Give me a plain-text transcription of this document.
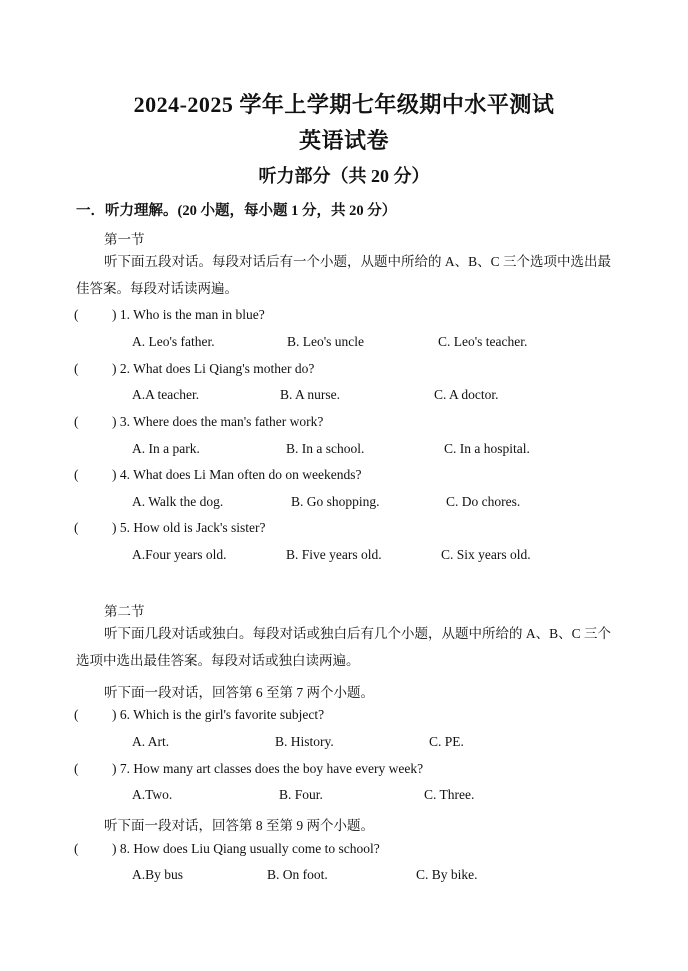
2024-2025 学年上学期七年级期中水平测试
英语试卷
听力部分（共 20 分）
一．听力理解。(20 小题，每小题 1 分，共 20 分）
第一节
听下面五段对话。每段对话后有一个小题，从题中所给的 A、B、C 三个选项中选出最佳答案。每段对话读两遍。
( ) 1. Who is the man in blue?
A. Leo's father.	B. Leo's uncle	C. Leo's teacher.
( ) 2. What does Li Qiang's mother do?
A.A teacher.	B. A nurse.	C. A doctor.
( ) 3. Where does the man's father work?
A. In a park.	B. In a school.	C. In a hospital.
( ) 4. What does Li Man often do on weekends?
A. Walk the dog.	B. Go shopping.	C. Do chores.
( ) 5. How old is Jack's sister?
A.Four years old.	B. Five years old.	C. Six years old.
第二节
听下面几段对话或独白。每段对话或独白后有几个小题，从题中所给的 A、B、C 三个选项中选出最佳答案。每段对话或独白读两遍。
听下面一段对话，回答第 6 至第 7 两个小题。
( ) 6. Which is the girl's favorite subject?
A. Art.	B. History.	C. PE.
( ) 7. How many art classes does the boy have every week?
A.Two.	B. Four.	C. Three.
听下面一段对话，回答第 8 至第 9 两个小题。
( ) 8. How does Liu Qiang usually come to school?
A.By bus	B. On foot.	C. By bike.
